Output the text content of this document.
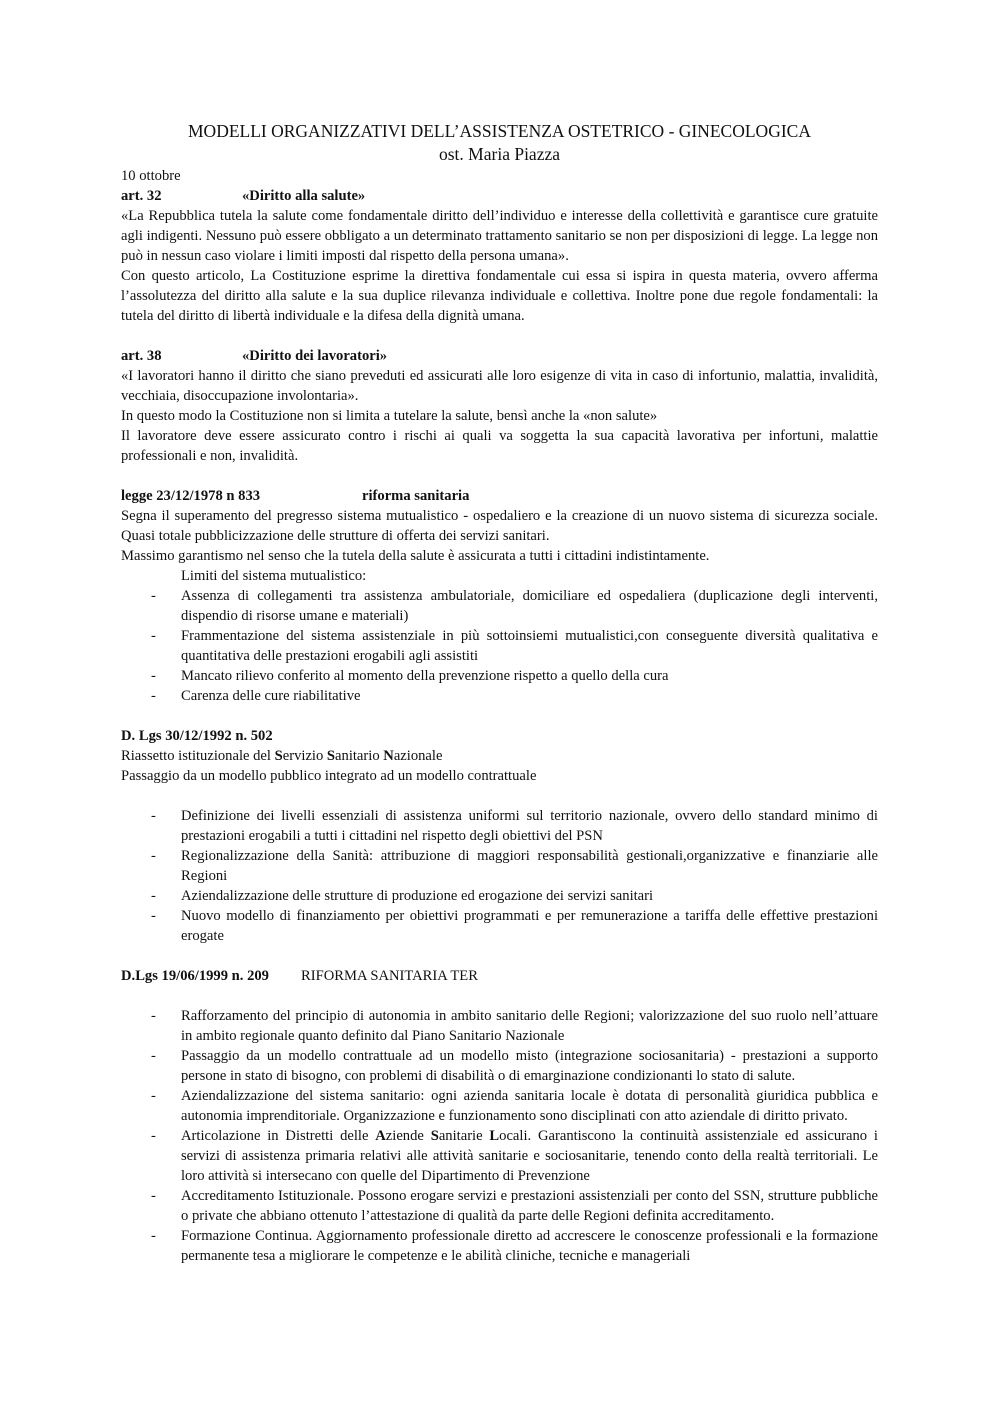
MODELLI ORGANIZZATIVI DELL’ASSISTENZA OSTETRICO - GINECOLOGICA
ost. Maria Piazza

10 ottobre

art. 32	«Diritto alla salute»

«La Repubblica tutela la salute come fondamentale diritto dell’individuo e interesse della collettività e garantisce cure gratuite agli indigenti. Nessuno può essere obbligato a un determinato trattamento sanitario se non per disposizioni di legge. La legge non può in nessun caso violare i limiti imposti dal rispetto della persona umana».

Con questo articolo, La Costituzione esprime la direttiva fondamentale cui essa si ispira in questa materia, ovvero afferma l’assolutezza del diritto alla salute e la sua duplice rilevanza individuale e collettiva. Inoltre pone due regole fondamentali: la tutela del diritto di libertà individuale e la difesa della dignità umana.

art. 38	«Diritto dei lavoratori»

«I lavoratori hanno il diritto che siano preveduti ed assicurati alle loro esigenze di vita in caso di infortunio, malattia, invalidità, vecchiaia, disoccupazione involontaria».

In questo modo la Costituzione non si limita a tutelare la salute, bensì anche la «non salute»

Il lavoratore deve essere assicurato contro i rischi ai quali va soggetta la sua capacità lavorativa per infortuni, malattie professionali e non, invalidità.

legge 23/12/1978 n 833	riforma sanitaria

Segna il superamento del pregresso sistema mutualistico - ospedaliero e la creazione di un nuovo sistema di sicurezza sociale. Quasi totale pubblicizzazione delle strutture di offerta dei servizi sanitari.

Massimo garantismo nel senso che la tutela della salute è assicurata a tutti i cittadini indistintamente.

Limiti del sistema mutualistico:

-	Assenza di collegamenti tra assistenza ambulatoriale, domiciliare ed ospedaliera (duplicazione degli interventi, dispendio di risorse umane e materiali)
-	Frammentazione del sistema assistenziale in più sottoinsiemi mutualistici,con conseguente diversità qualitativa e quantitativa delle prestazioni erogabili agli assistiti
-	Mancato rilievo conferito al momento della prevenzione rispetto a quello della cura
-	Carenza delle cure riabilitative
D. Lgs 30/12/1992 n. 502

Riassetto istituzionale del Servizio Sanitario Nazionale

Passaggio da un modello pubblico integrato ad un modello contrattuale

-	Definizione dei livelli essenziali di assistenza uniformi sul territorio nazionale, ovvero dello standard minimo di prestazioni erogabili a tutti i cittadini nel rispetto degli obiettivi del PSN
-	Regionalizzazione della Sanità: attribuzione di maggiori responsabilità gestionali,organizzative e finanziarie alle Regioni
-	Aziendalizzazione delle strutture di produzione ed erogazione dei servizi sanitari
-	Nuovo modello di finanziamento per obiettivi programmati e per remunerazione a tariffa delle effettive prestazioni erogate
D.Lgs 19/06/1999 n. 209	RIFORMA SANITARIA TER
-	Rafforzamento del principio di autonomia in ambito sanitario delle Regioni; valorizzazione del suo ruolo nell’attuare in ambito regionale quanto definito dal Piano Sanitario Nazionale
-	Passaggio da un modello contrattuale ad un modello misto (integrazione sociosanitaria) - prestazioni a supporto persone in stato di bisogno, con problemi di disabilità o di emarginazione condizionanti lo stato di salute.
-	Aziendalizzazione del sistema sanitario: ogni azienda sanitaria locale è dotata di personalità giuridica pubblica e autonomia imprenditoriale. Organizzazione e funzionamento sono disciplinati con atto aziendale di diritto privato.
-	Articolazione in Distretti delle Aziende Sanitarie Locali. Garantiscono la continuità assistenziale ed assicurano i servizi di assistenza primaria relativi alle attività sanitarie e sociosanitarie, tenendo conto della realtà territoriali. Le loro attività si intersecano con quelle del Dipartimento di Prevenzione
-	Accreditamento Istituzionale. Possono erogare servizi e prestazioni assistenziali per conto del SSN, strutture pubbliche o private che abbiano ottenuto l’attestazione di qualità da parte delle Regioni definita accreditamento.
-	Formazione Continua. Aggiornamento professionale diretto ad accrescere le conoscenze professionali e la formazione permanente tesa a migliorare le competenze e le abilità cliniche, tecniche e manageriali
